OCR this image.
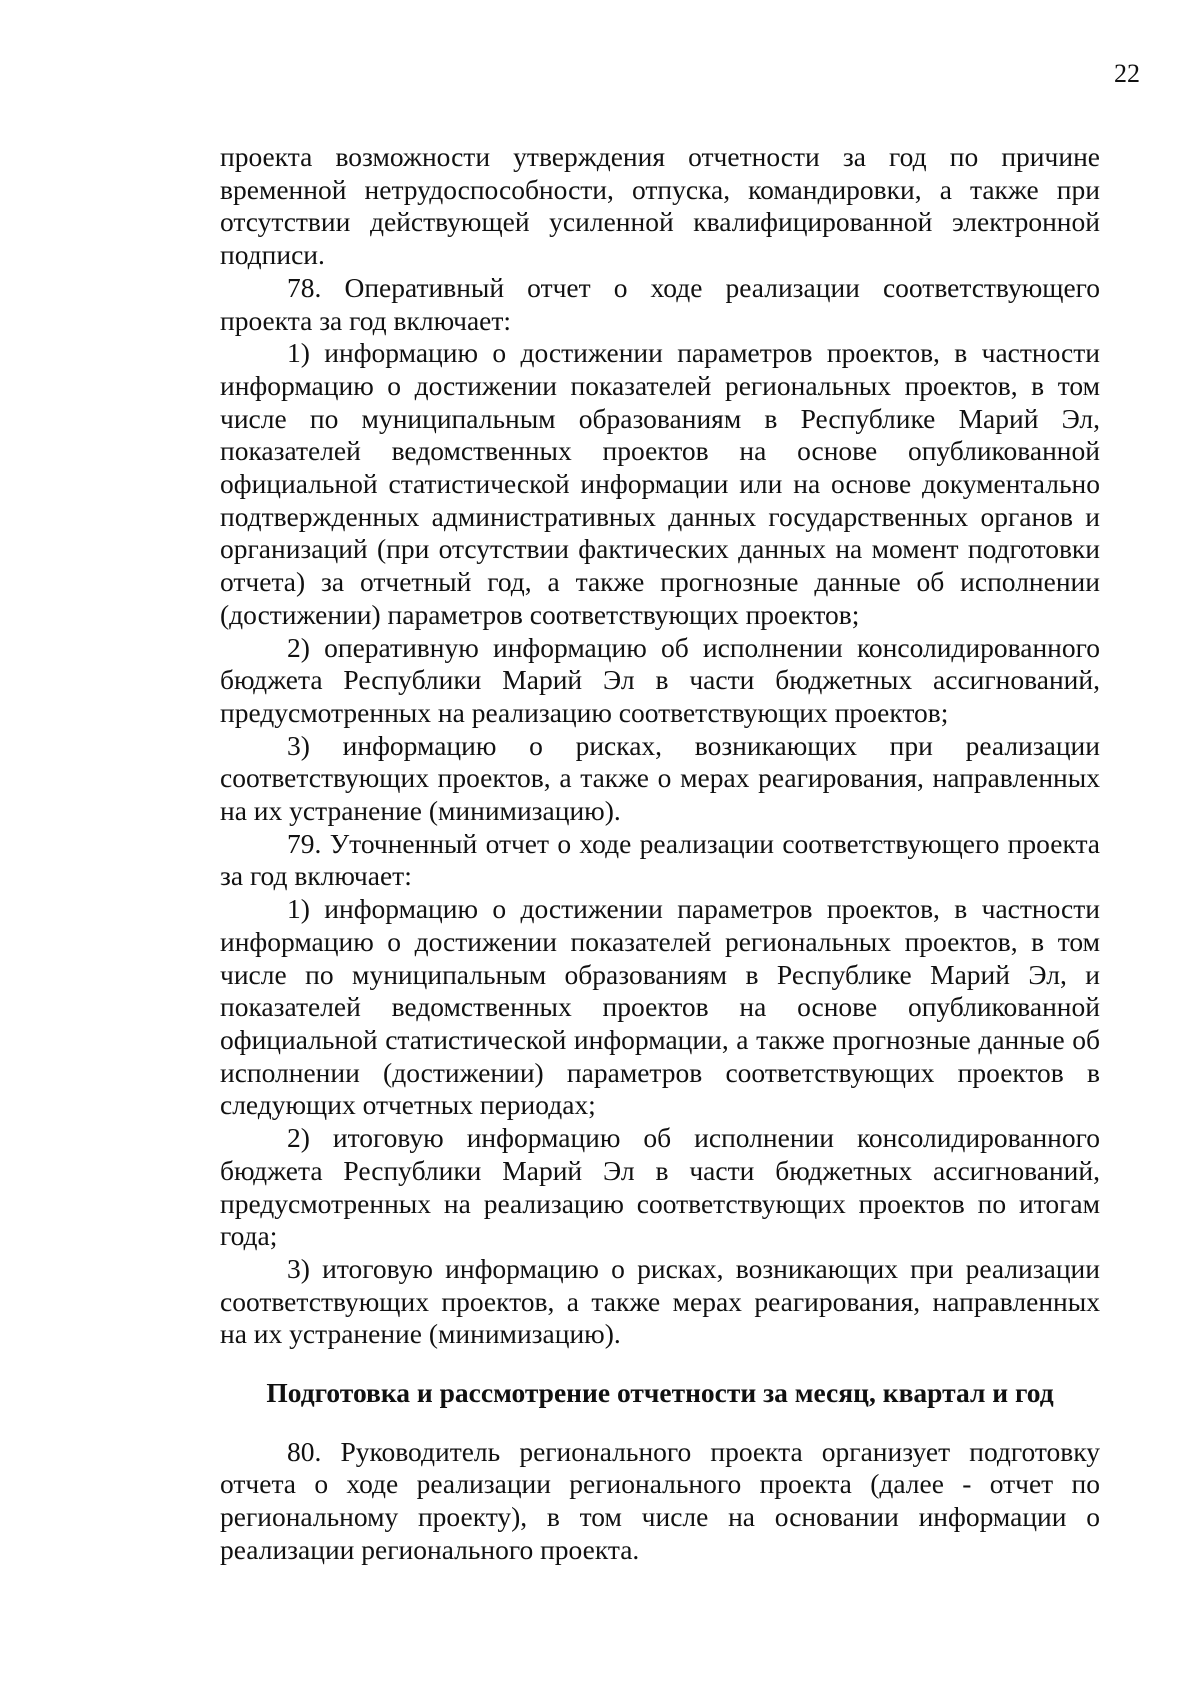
22

проекта возможности утверждения отчетности за год по причине временной нетрудоспособности, отпуска, командировки, а также при отсутствии действующей усиленной квалифицированной электронной подписи.

78. Оперативный отчет о ходе реализации соответствующего проекта за год включает:

1) информацию о достижении параметров проектов, в частности информацию о достижении показателей региональных проектов, в том числе по муниципальным образованиям в Республике Марий Эл, показателей ведомственных проектов на основе опубликованной официальной статистической информации или на основе документально подтвержденных административных данных государственных органов и организаций (при отсутствии фактических данных на момент подготовки отчета) за отчетный год, а также прогнозные данные об исполнении (достижении) параметров соответствующих проектов;

2) оперативную информацию об исполнении консолидированного бюджета Республики Марий Эл в части бюджетных ассигнований, предусмотренных на реализацию соответствующих проектов;

3) информацию о рисках, возникающих при реализации соответствующих проектов, а также о мерах реагирования, направленных на их устранение (минимизацию).

79. Уточненный отчет о ходе реализации соответствующего проекта за год включает:

1) информацию о достижении параметров проектов, в частности информацию о достижении показателей региональных проектов, в том числе по муниципальным образованиям в Республике Марий Эл, и показателей ведомственных проектов на основе опубликованной официальной статистической информации, а также прогнозные данные об исполнении (достижении) параметров соответствующих проектов в следующих отчетных периодах;

2) итоговую информацию об исполнении консолидированного бюджета Республики Марий Эл в части бюджетных ассигнований, предусмотренных на реализацию соответствующих проектов по итогам года;

3) итоговую информацию о рисках, возникающих при реализации соответствующих проектов, а также мерах реагирования, направленных на их устранение (минимизацию).

Подготовка и рассмотрение отчетности за месяц, квартал и год

80. Руководитель регионального проекта организует подготовку отчета о ходе реализации регионального проекта (далее - отчет по региональному проекту), в том числе на основании информации о реализации регионального проекта.
